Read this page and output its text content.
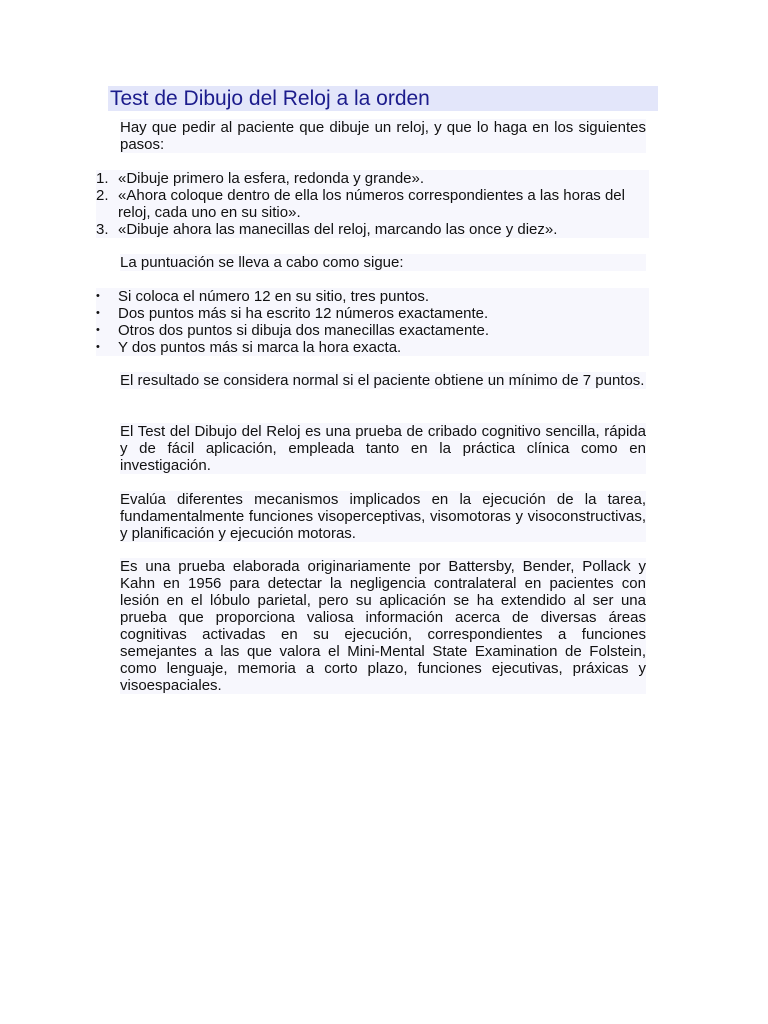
Test de Dibujo del Reloj a la orden

Hay que pedir al paciente que dibuje un reloj, y que lo haga en los siguientes pasos:

1. «Dibuje primero la esfera, redonda y grande».
2. «Ahora coloque dentro de ella los números correspondientes a las horas del reloj, cada uno en su sitio».
3. «Dibuje ahora las manecillas del reloj, marcando las once y diez».

La puntuación se lleva a cabo como sigue:

• Si coloca el número 12 en su sitio, tres puntos.
• Dos puntos más si ha escrito 12 números exactamente.
• Otros dos puntos si dibuja dos manecillas exactamente.
• Y dos puntos más si marca la hora exacta.

El resultado se considera normal si el paciente obtiene un mínimo de 7 puntos.

El Test del Dibujo del Reloj es una prueba de cribado cognitivo sencilla, rápida y de fácil aplicación, empleada tanto en la práctica clínica como en investigación.

Evalúa diferentes mecanismos implicados en la ejecución de la tarea, fundamentalmente funciones visoperceptivas, visomotoras y visoconstructivas, y planificación y ejecución motoras.

Es una prueba elaborada originariamente por Battersby, Bender, Pollack y Kahn en 1956 para detectar la negligencia contralateral en pacientes con lesión en el lóbulo parietal, pero su aplicación se ha extendido al ser una prueba que proporciona valiosa información acerca de diversas áreas cognitivas activadas en su ejecución, correspondientes a funciones semejantes a las que valora el Mini-Mental State Examination de Folstein, como lenguaje, memoria a corto plazo, funciones ejecutivas, práxicas y visoespaciales.
